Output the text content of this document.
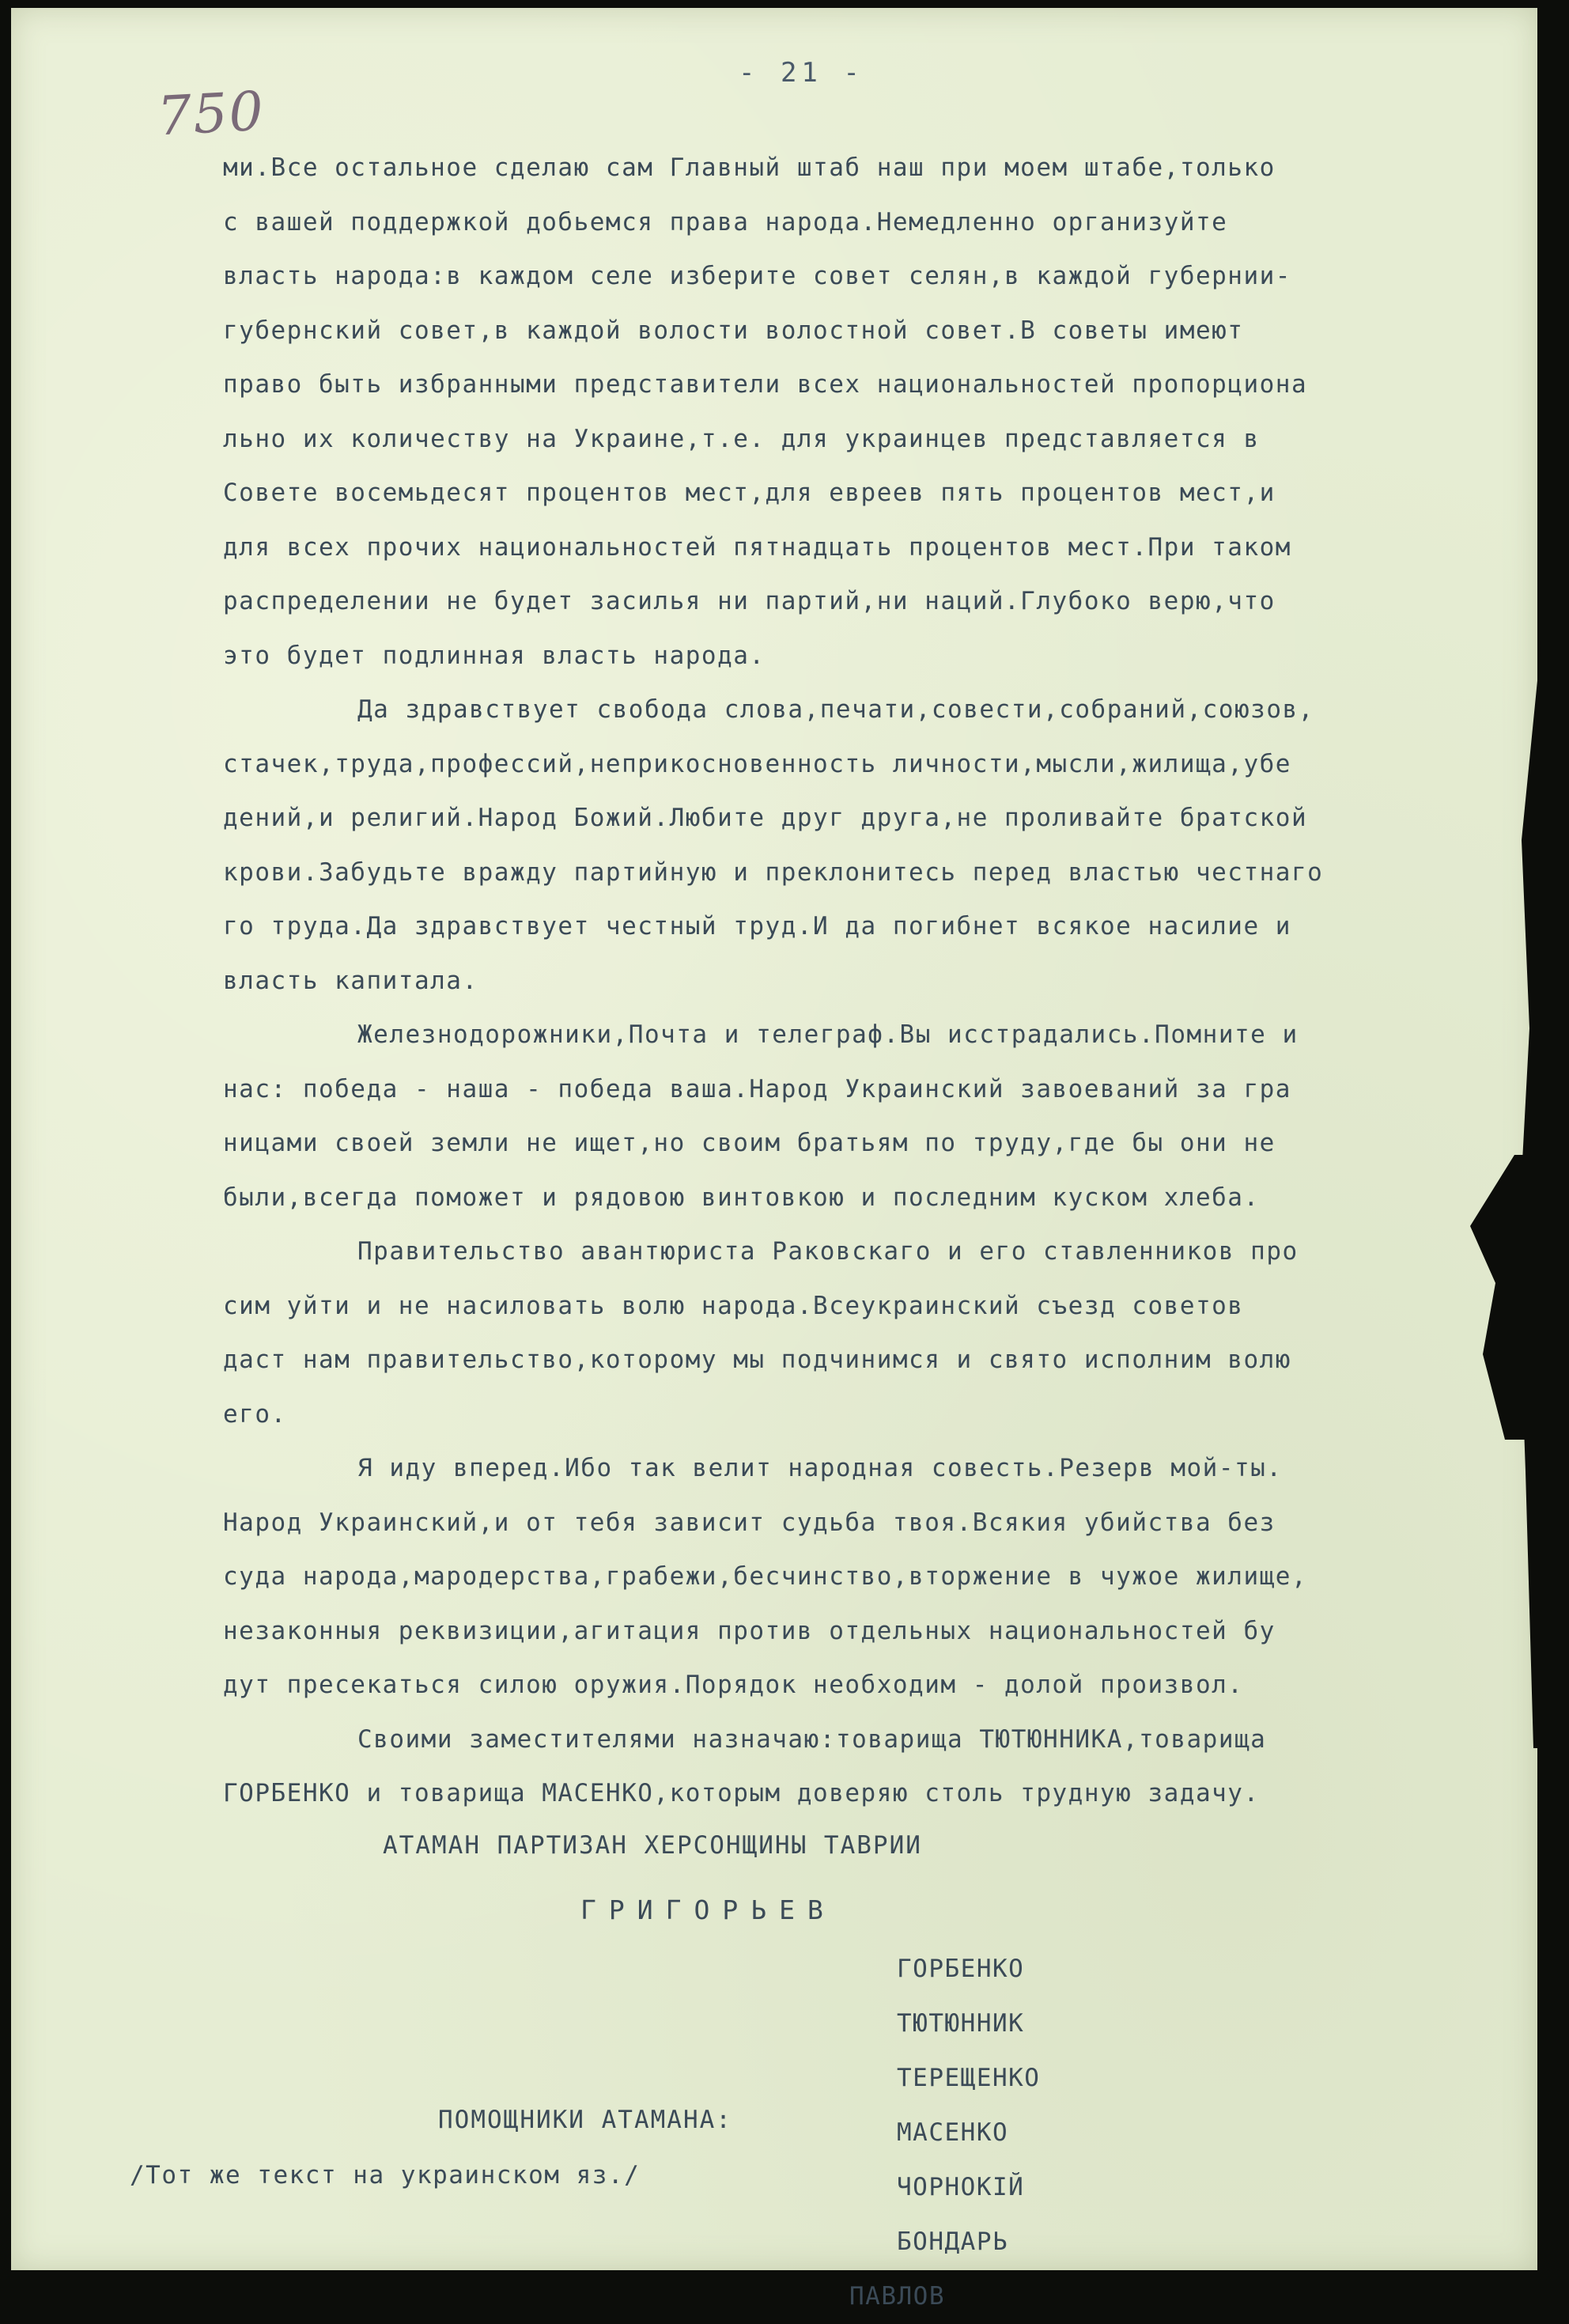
750
- 21 -
ми.Все остальное сделаю сам Главный штаб наш при моем штабе,только
с вашей поддержкой добьемся права народа.Немедленно организуйте
власть народа:в каждом селе изберите совет селян,в каждой губернии-
губернский совет,в каждой волости волостной совет.В советы имеют
право быть избранными представители всех национальностей пропорциона
льно их количеству на Украине,т.е. для украинцев представляется в
Совете восемьдесят процентов мест,для евреев пять процентов мест,и
для всех прочих национальностей пятнадцать процентов мест.При таком
распределении не будет засилья ни партий,ни наций.Глубоко верю,что
это будет подлинная власть народа.
Да здравствует свобода слова,печати,совести,собраний,союзов,
стачек,труда,профессий,неприкосновенность личности,мысли,жилища,убе
дений,и религий.Народ Божий.Любите друг друга,не проливайте братской
крови.Забудьте вражду партийную и преклонитесь перед властью честнаго
го труда.Да здравствует честный труд.И да погибнет всякое насилие и
власть капитала.
Железнодорожники,Почта и телеграф.Вы исстрадались.Помните и
нас: победа - наша - победа ваша.Народ Украинский завоеваний за гра
ницами своей земли не ищет,но своим братьям по труду,где бы они не
были,всегда поможет и рядовою винтовкою и последним куском хлеба.
Правительство авантюриста Раковскаго и его ставленников про
сим уйти и не насиловать волю народа.Всеукраинский съезд советов
даст нам правительство,которому мы подчинимся и свято исполним волю
его.
Я иду вперед.Ибо так велит народная совесть.Резерв мой-ты.
Народ Украинский,и от тебя зависит судьба твоя.Всякия убийства без
суда народа,мародерства,грабежи,бесчинство,вторжение в чужое жилище,
незаконныя реквизиции,агитация против отдельных национальностей бу
дут пресекаться силою оружия.Порядок необходим - долой произвол.
Своими заместителями назначаю:товарища ТЮТЮННИКА,товарища
ГОРБЕНКО и товарища МАСЕНКО,которым доверяю столь трудную задачу.
АТАМАН ПАРТИЗАН ХЕРСОНЩИНЫ ТАВРИИ
ГРИГОРЬЕВ
ГОРБЕНКО
ТЮТЮННИК
ТЕРЕЩЕНКО
МАСЕНКО
ЧОРНОКІЙ
БОНДАРЬ
ПАВЛОВ
ПОМОЩНИКИ АТАМАНА:
/Тот же текст на украинском яз./
